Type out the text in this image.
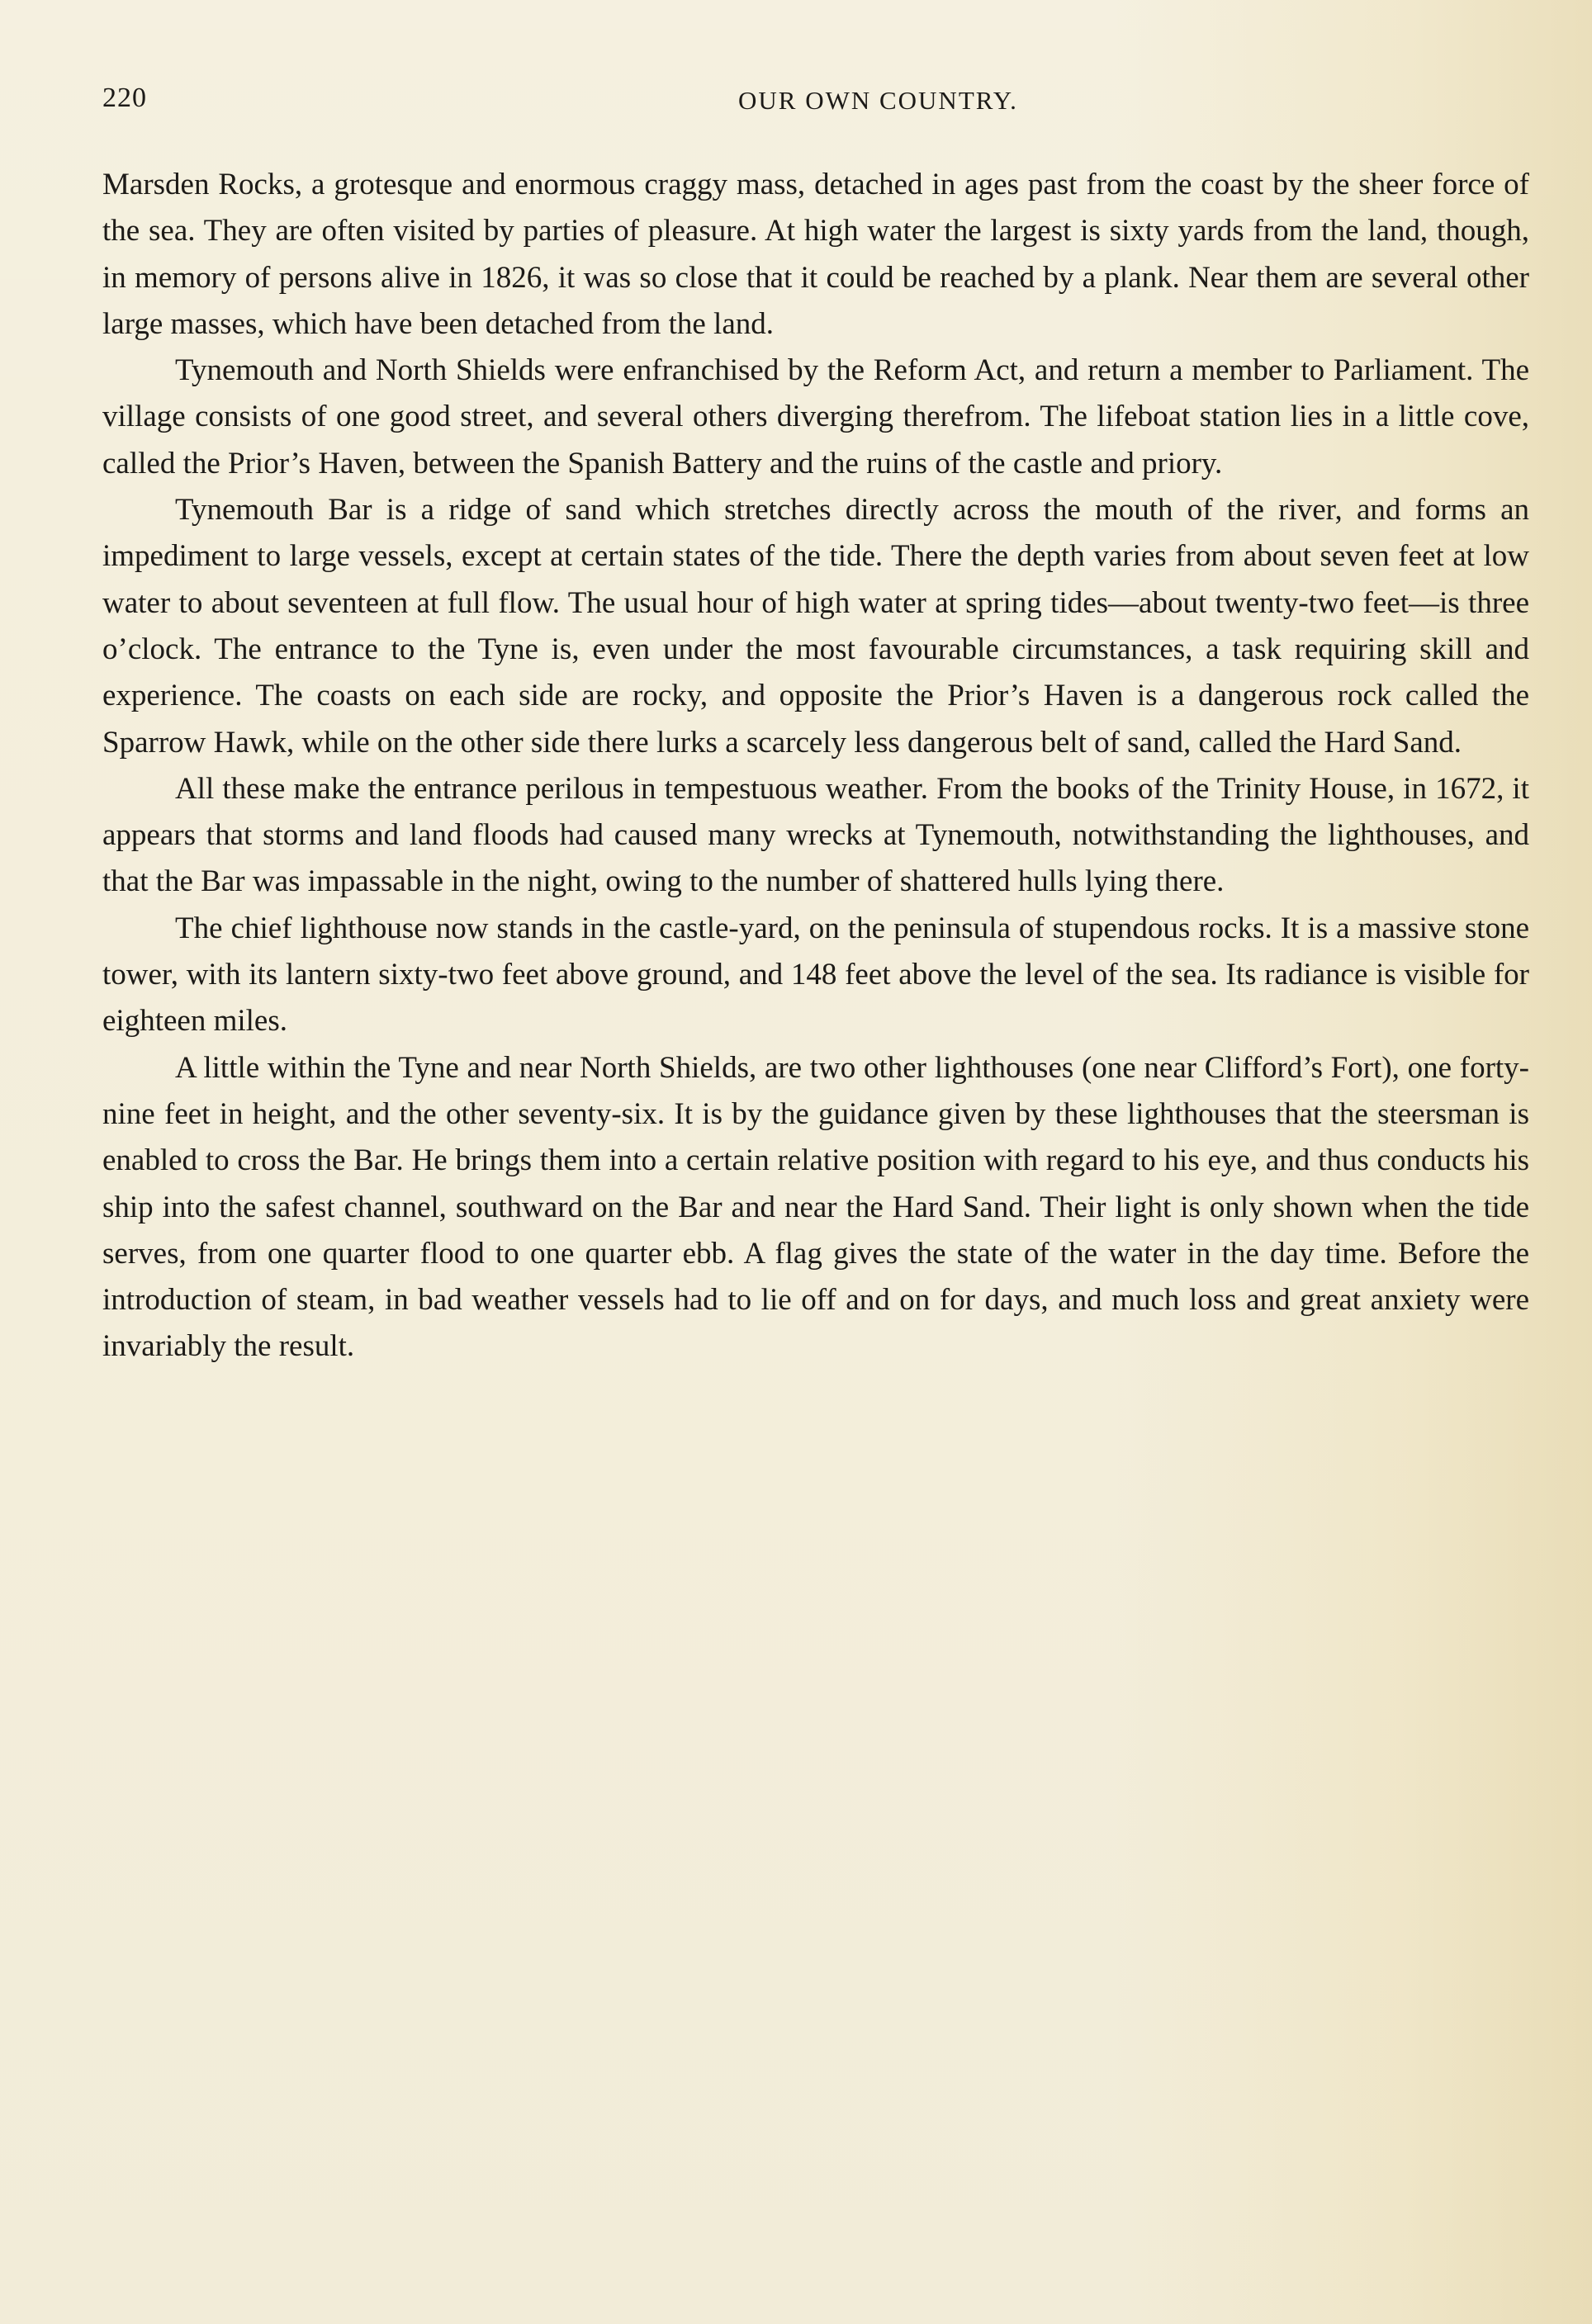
220	OUR OWN COUNTRY.

Marsden Rocks, a grotesque and enormous craggy mass, detached in ages past from the coast by the sheer force of the sea. They are often visited by parties of pleasure. At high water the largest is sixty yards from the land, though, in memory of persons alive in 1826, it was so close that it could be reached by a plank. Near them are several other large masses, which have been detached from the land.

Tynemouth and North Shields were enfranchised by the Reform Act, and return a member to Parliament. The village consists of one good street, and several others diverging therefrom. The lifeboat station lies in a little cove, called the Prior’s Haven, between the Spanish Battery and the ruins of the castle and priory.

Tynemouth Bar is a ridge of sand which stretches directly across the mouth of the river, and forms an impediment to large vessels, except at certain states of the tide. There the depth varies from about seven feet at low water to about seventeen at full flow. The usual hour of high water at spring tides—about twenty-two feet—is three o’clock. The entrance to the Tyne is, even under the most favourable circumstances, a task requiring skill and experience. The coasts on each side are rocky, and opposite the Prior’s Haven is a dangerous rock called the Sparrow Hawk, while on the other side there lurks a scarcely less dangerous belt of sand, called the Hard Sand.

All these make the entrance perilous in tempestuous weather. From the books of the Trinity House, in 1672, it appears that storms and land floods had caused many wrecks at Tynemouth, notwithstanding the lighthouses, and that the Bar was impassable in the night, owing to the number of shattered hulls lying there.

The chief lighthouse now stands in the castle-yard, on the peninsula of stupendous rocks. It is a massive stone tower, with its lantern sixty-two feet above ground, and 148 feet above the level of the sea. Its radiance is visible for eighteen miles.

A little within the Tyne and near North Shields, are two other lighthouses (one near Clifford’s Fort), one forty-nine feet in height, and the other seventy-six. It is by the guidance given by these lighthouses that the steersman is enabled to cross the Bar. He brings them into a certain relative position with regard to his eye, and thus conducts his ship into the safest channel, southward on the Bar and near the Hard Sand. Their light is only shown when the tide serves, from one quarter flood to one quarter ebb. A flag gives the state of the water in the day time. Before the introduction of steam, in bad weather vessels had to lie off and on for days, and much loss and great anxiety were invariably the result.
